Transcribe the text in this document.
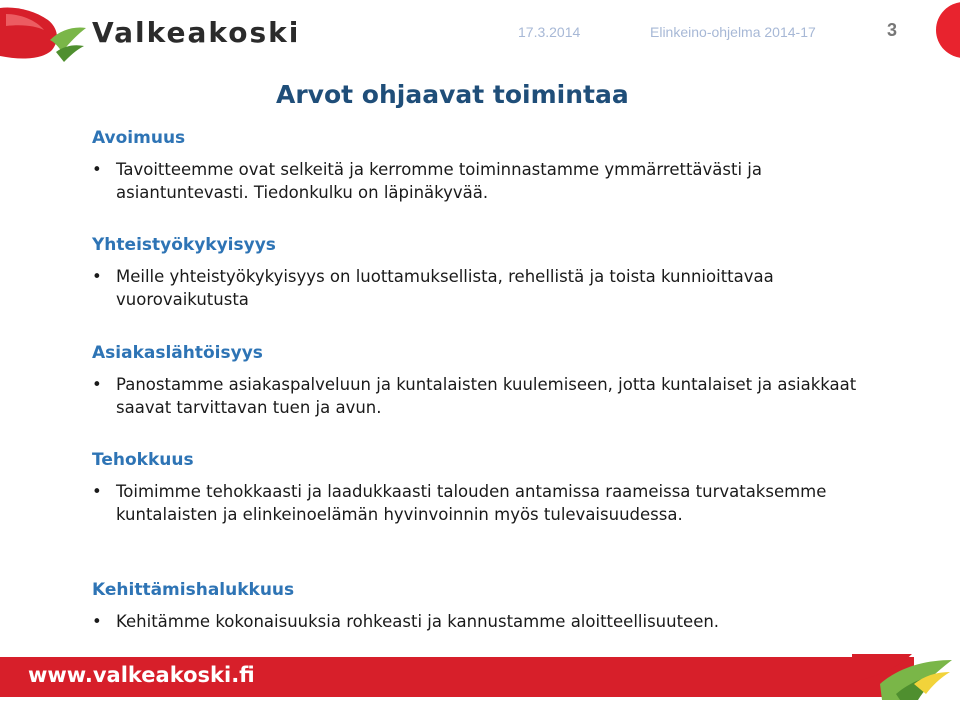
Valkeakoski	17.3.2014	Elinkeino-ohjelma 2014-17	3
Arvot ohjaavat toimintaa
Avoimuus

• Tavoitteemme ovat selkeitä ja kerromme toiminnastamme ymmärrettävästi ja asiantuntevasti. Tiedonkulku on läpinäkyvää.

Yhteistyökykyisyys

• Meille yhteistyökykyisyys on luottamuksellista, rehellistä ja toista kunnioittavaa vuorovaikutusta

Asiakaslähtöisyys

• Panostamme asiakaspalveluun ja kuntalaisten kuulemiseen, jotta kuntalaiset ja asiakkaat saavat tarvittavan tuen ja avun.

Tehokkuus

• Toimimme tehokkaasti ja laadukkaasti talouden antamissa raameissa turvataksemme kuntalaisten ja elinkeinoelämän hyvinvoinnin myös tulevaisuudessa.

Kehittämishalukkuus

• Kehitämme kokonaisuuksia rohkeasti ja kannustamme aloitteellisuuteen.

www.valkeakoski.fi
